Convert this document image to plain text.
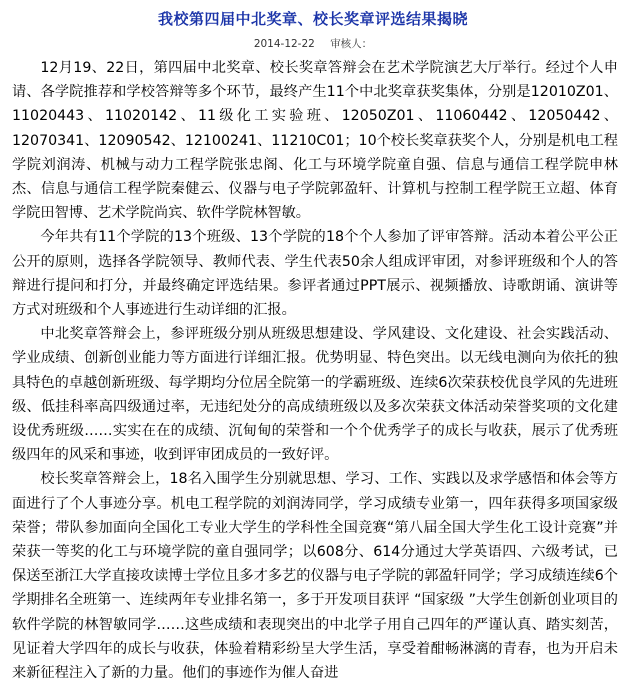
我校第四届中北奖章、校长奖章评选结果揭晓
2014-12-22 审核人：

12月19、22日，第四届中北奖章、校长奖章答辩会在艺术学院演艺大厅举行。经过个人申请、各学院推荐和学校答辩等多个环节，最终产生11个中北奖章获奖集体，分别是12010Z01、11020443、11020142、11级化工实验班、12050Z01、11060442、12050442、12070341、12090542、12100241、11210C01；10个校长奖章获奖个人，分别是机电工程学院刘润涛、机械与动力工程学院张忠阁、化工与环境学院童自强、信息与通信工程学院申林杰、信息与通信工程学院秦健云、仪器与电子学院郭盈轩、计算机与控制工程学院王立超、体育学院田智博、艺术学院尚宾、软件学院林智敏。

今年共有11个学院的13个班级、13个学院的18个个人参加了评审答辩。活动本着公平公正公开的原则，选择各学院领导、教师代表、学生代表50余人组成评审团，对参评班级和个人的答辩进行提问和打分，并最终确定评选结果。参评者通过PPT展示、视频播放、诗歌朗诵、演讲等方式对班级和个人事迹进行生动详细的汇报。

中北奖章答辩会上，参评班级分别从班级思想建设、学风建设、文化建设、社会实践活动、学业成绩、创新创业能力等方面进行详细汇报。优势明显、特色突出。以无线电测向为依托的独具特色的卓越创新班级、每学期均分位居全院第一的学霸班级、连续6次荣获校优良学风的先进班级、低挂科率高四级通过率，无违纪处分的高成绩班级以及多次荣获文体活动荣誉奖项的文化建设优秀班级……实实在在的成绩、沉甸甸的荣誉和一个个优秀学子的成长与收获，展示了优秀班级四年的风采和事迹，收到评审团成员的一致好评。

校长奖章答辩会上，18名入围学生分别就思想、学习、工作、实践以及求学感悟和体会等方面进行了个人事迹分享。机电工程学院的刘润涛同学，学习成绩专业第一，四年获得多项国家级荣誉；带队参加面向全国化工专业大学生的学科性全国竞赛“第八届全国大学生化工设计竞赛”并荣获一等奖的化工与环境学院的童自强同学；以608分、614分通过大学英语四、六级考试，已保送至浙江大学直接攻读博士学位且多才多艺的仪器与电子学院的郭盈轩同学；学习成绩连续6个学期排名全班第一、连续两年专业排名第一，多于开发项目获评 “国家级 ”大学生创新创业项目的软件学院的林智敏同学……这些成绩和表现突出的中北学子用自己四年的严谨认真、踏实刻苦，见证着大学四年的成长与收获，体验着精彩纷呈大学生活，享受着酣畅淋漓的青春，也为开启未来新征程注入了新的力量。他们的事迹作为催人奋进
